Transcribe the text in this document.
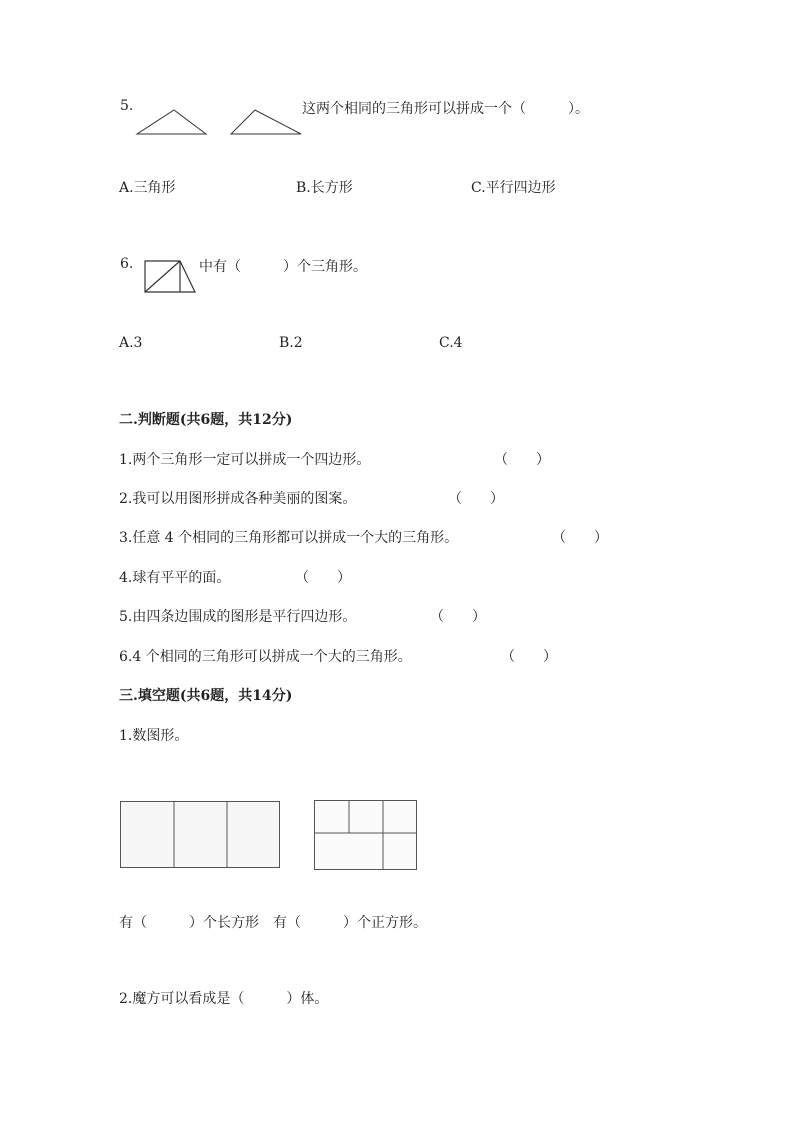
5.	这两个相同的三角形可以拼成一个（　　　）。
A.三角形	B.长方形	C.平行四边形
6.	中有（　　　）个三角形。
A.3	B.2	C.4
二.判断题(共6题，共12分)
1.两个三角形一定可以拼成一个四边形。	（　　）
2.我可以用图形拼成各种美丽的图案。	（　　）
3.任意 4 个相同的三角形都可以拼成一个大的三角形。	（　　）
4.球有平平的面。	（　　）
5.由四条边围成的图形是平行四边形。	（　　）
6.4 个相同的三角形可以拼成一个大的三角形。	（　　）
三.填空题(共6题，共14分)
1.数图形。
有（　　　）个长方形　有（　　　）个正方形。
2.魔方可以看成是（　　　）体。
